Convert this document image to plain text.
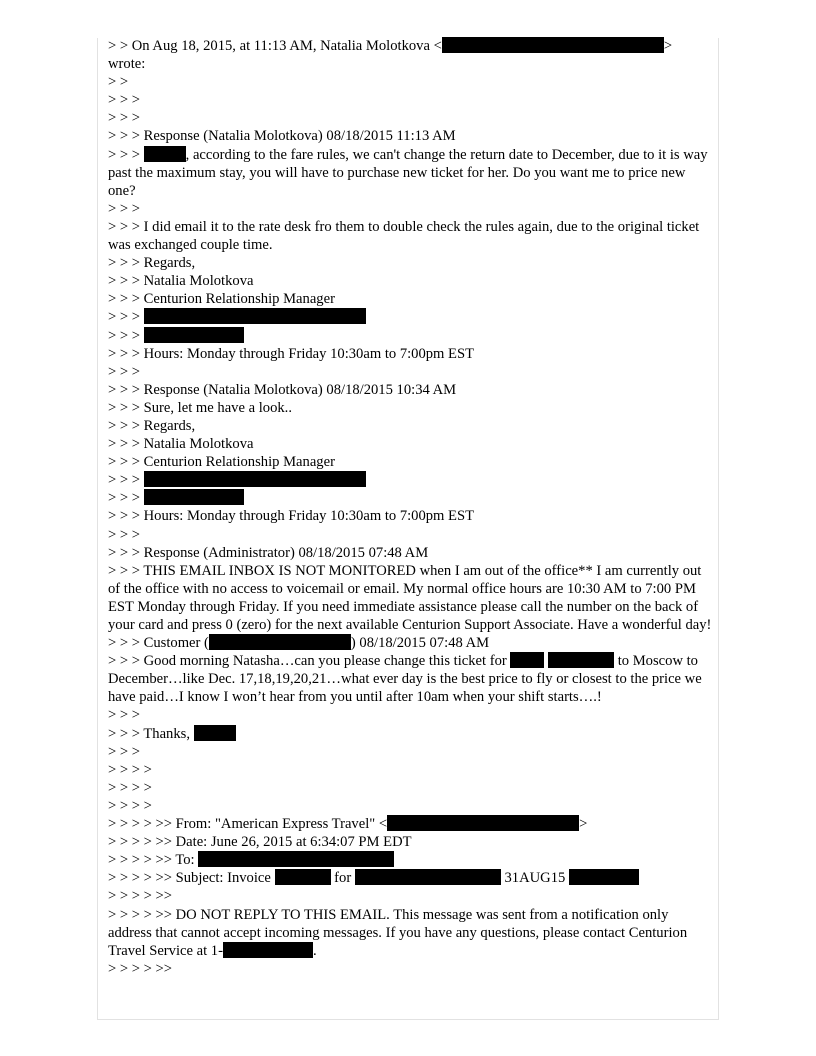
> > On Aug 18, 2015, at 11:13 AM, Natalia Molotkova <	>
wrote:
> >
> > >
> > >
> > > Response (Natalia Molotkova) 08/18/2015 11:13 AM
> > >	, according to the fare rules, we can't change the return date to December, due to it is way past the maximum stay, you will have to purchase new ticket for her. Do you want me to price new one?
> > >
> > > I did email it to the rate desk fro them to double check the rules again, due to the original ticket was exchanged couple time.
> > > Regards,
> > > Natalia Molotkova
> > > Centurion Relationship Manager
> > >
> > >
> > > Hours: Monday through Friday 10:30am to 7:00pm EST
> > >
> > > Response (Natalia Molotkova) 08/18/2015 10:34 AM
> > > Sure, let me have a look..
> > > Regards,
> > > Natalia Molotkova
> > > Centurion Relationship Manager
> > >
> > >
> > > Hours: Monday through Friday 10:30am to 7:00pm EST
> > >
> > > Response (Administrator) 08/18/2015 07:48 AM
> > > THIS EMAIL INBOX IS NOT MONITORED when I am out of the office** I am currently out of the office with no access to voicemail or email. My normal office hours are 10:30 AM to 7:00 PM EST Monday through Friday. If you need immediate assistance please call the number on the back of your card and press 0 (zero) for the next available Centurion Support Associate. Have a wonderful day!
> > > Customer (	) 08/18/2015 07:48 AM
> > > Good morning Natasha…can you please change this ticket for	to Moscow to December…like Dec. 17,18,19,20,21…what ever day is the best price to fly or closest to the price we have paid…I know I won’t hear from you until after 10am when your shift starts….!
> > >
> > > Thanks,
> > >
> > > >
> > > >
> > > >
> > > > >> From: "American Express Travel" <	>
> > > > >> Date: June 26, 2015 at 6:34:07 PM EDT
> > > > >> To:
> > > > >> Subject: Invoice	for	31AUG15
> > > > >>
> > > > >> DO NOT REPLY TO THIS EMAIL. This message was sent from a notification only address that cannot accept incoming messages. If you have any questions, please contact Centurion Travel Service at 1-	.
> > > > >>
